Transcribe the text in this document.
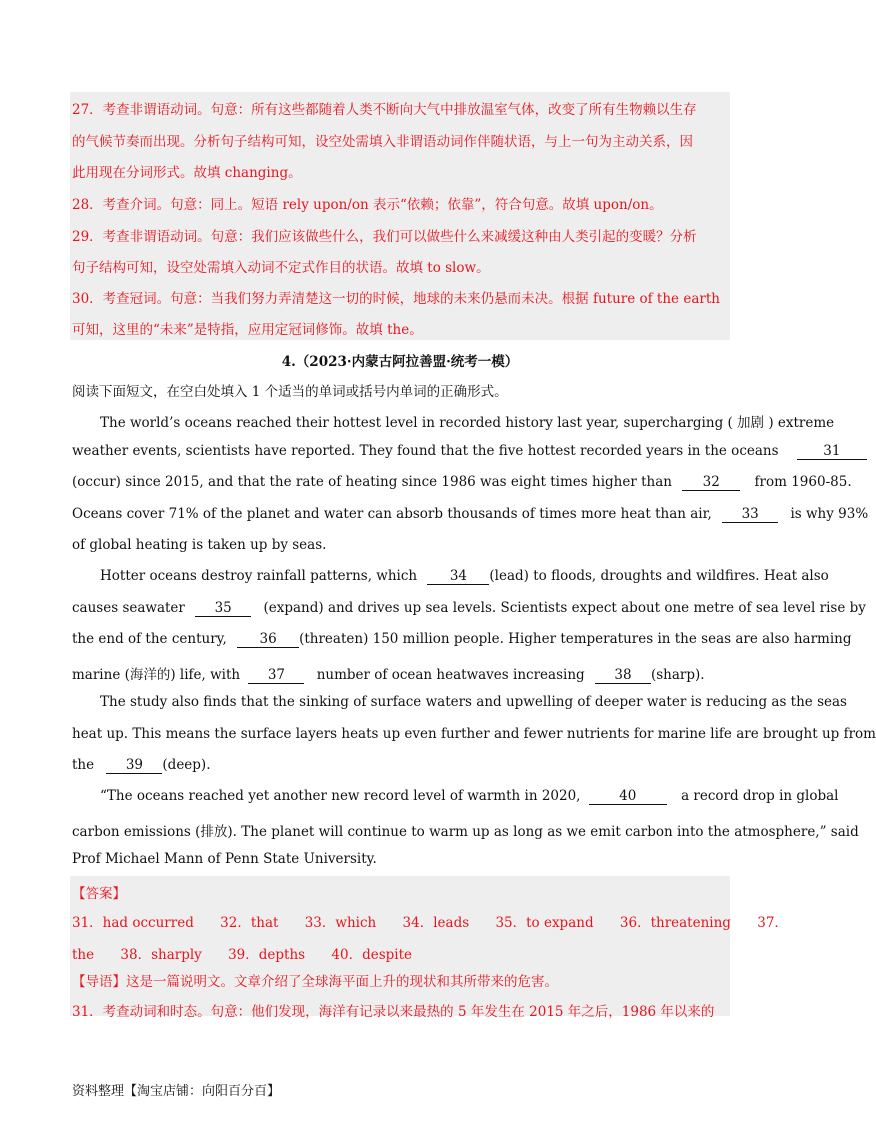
27．考查非谓语动词。句意：所有这些都随着人类不断向大气中排放温室气体，改变了所有生物赖以生存
的气候节奏而出现。分析句子结构可知，设空处需填入非谓语动词作伴随状语，与上一句为主动关系，因
此用现在分词形式。故填 changing。
28．考查介词。句意：同上。短语 rely upon/on 表示“依赖；依靠”，符合句意。故填 upon/on。
29．考查非谓语动词。句意：我们应该做些什么，我们可以做些什么来减缓这种由人类引起的变暖？分析
句子结构可知，设空处需填入动词不定式作目的状语。故填 to slow。
30．考查冠词。句意：当我们努力弄清楚这一切的时候，地球的未来仍悬而未决。根据 future of the earth
可知，这里的“未来”是特指，应用定冠词修饰。故填 the。
4.（2023·内蒙古阿拉善盟·统考一模）
阅读下面短文，在空白处填入 1 个适当的单词或括号内单词的正确形式。
The world’s oceans reached their hottest level in recorded history last year, supercharging ( 加剧 ) extreme
weather events, scientists have reported. They found that the five hottest recorded years in the oceans	31
(occur) since 2015, and that the rate of heating since 1986 was eight times higher than 32	from 1960-85.
Oceans cover 71% of the planet and water can absorb thousands of times more heat than air, 33 is why 93%
of global heating is taken up by seas.
Hotter oceans destroy rainfall patterns, which 34 (lead) to floods, droughts and wildfires. Heat also
causes seawater 35 (expand) and drives up sea levels. Scientists expect about one metre of sea level rise by
the end of the century, 36 (threaten) 150 million people. Higher temperatures in the seas are also harming
marine (海洋的) life, with 37 number of ocean heatwaves increasing 38 (sharp).
The study also finds that the sinking of surface waters and upwelling of deeper water is reducing as the seas
heat up. This means the surface layers heats up even further and fewer nutrients for marine life are brought up from
the 39 (deep).
“The oceans reached yet another new record level of warmth in 2020,	40	a record drop in global
carbon emissions (排放). The planet will continue to warm up as long as we emit carbon into the atmosphere,” said
Prof Michael Mann of Penn State University.
【答案】
31．had occurred 32．that 33．which 34．leads 35．to expand 36．threatening 37．
the 38．sharply 39．depths 40．despite
【导语】这是一篇说明文。文章介绍了全球海平面上升的现状和其所带来的危害。
31．考查动词和时态。句意：他们发现，海洋有记录以来最热的 5 年发生在 2015 年之后，1986 年以来的
资料整理【淘宝店铺：向阳百分百】
